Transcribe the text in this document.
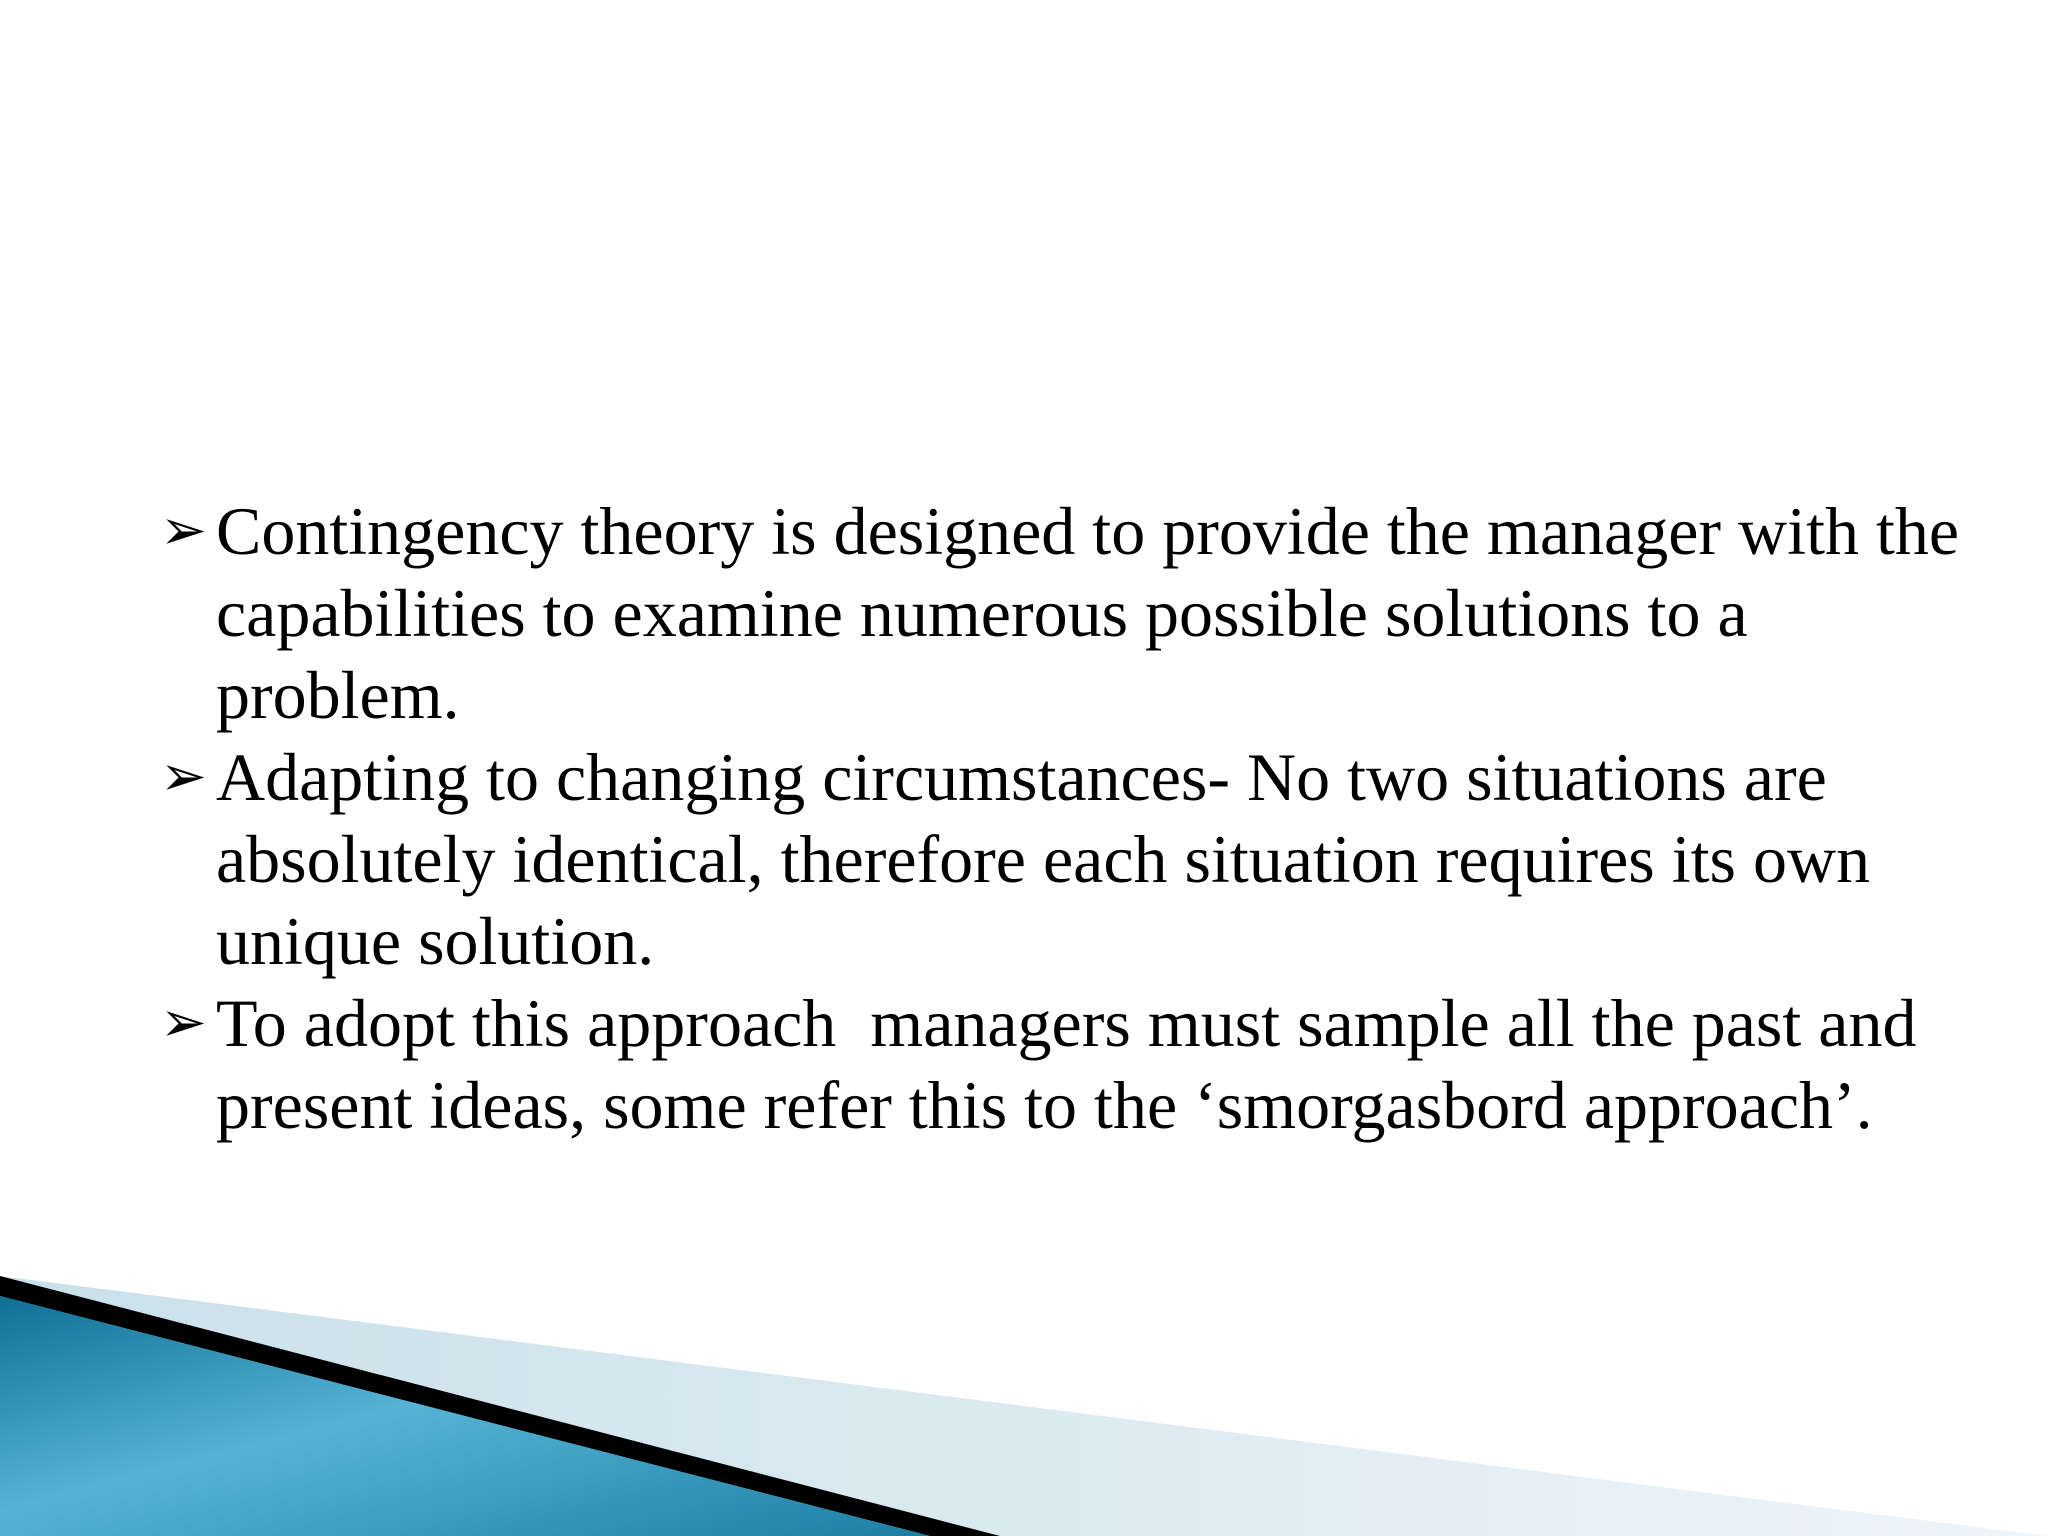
➢ Contingency theory is designed to provide the manager with the capabilities to examine numerous possible solutions to a problem.
➢ Adapting to changing circumstances- No two situations are absolutely identical, therefore each situation requires its own unique solution.
➢ To adopt this approach  managers must sample all the past and present ideas, some refer this to the ‘smorgasbord approach’.
